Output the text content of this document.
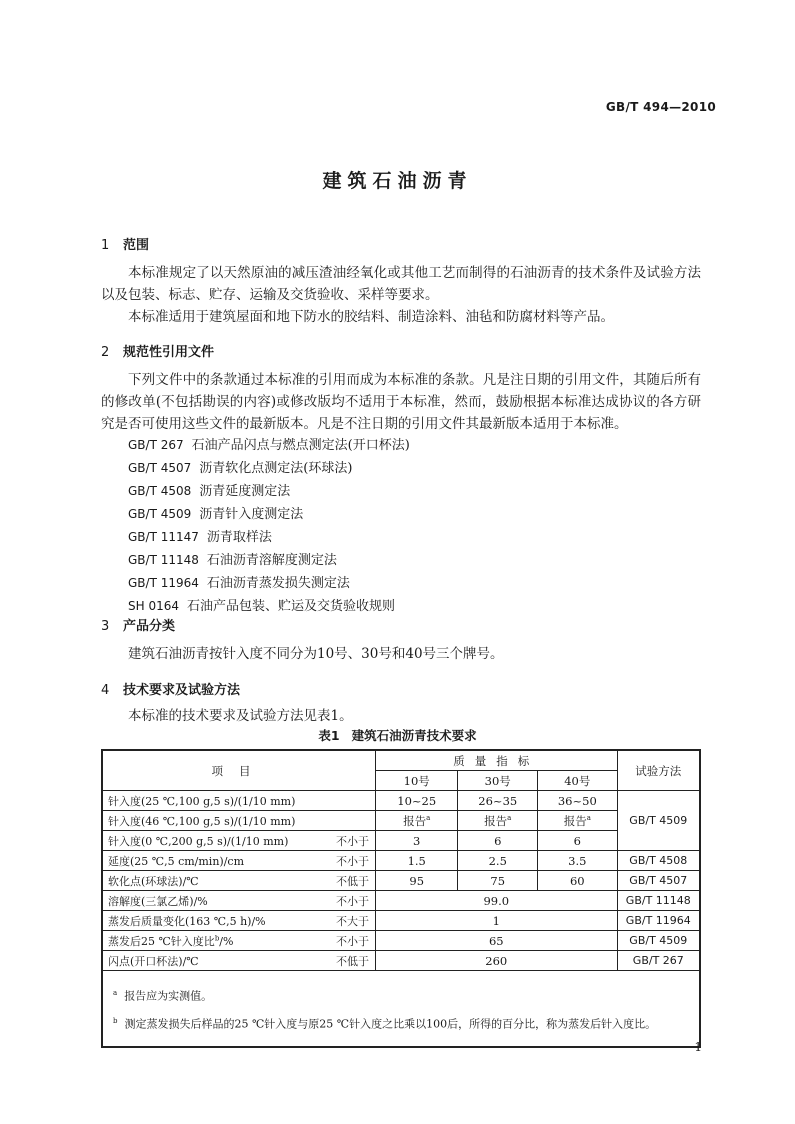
GB/T 494—2010
建筑石油沥青
1 范围
本标准规定了以天然原油的减压渣油经氧化或其他工艺而制得的石油沥青的技术条件及试验方法以及包装、标志、贮存、运输及交货验收、采样等要求。
本标准适用于建筑屋面和地下防水的胶结料、制造涂料、油毡和防腐材料等产品。
2 规范性引用文件
下列文件中的条款通过本标准的引用而成为本标准的条款。凡是注日期的引用文件，其随后所有的修改单(不包括勘误的内容)或修改版均不适用于本标准，然而，鼓励根据本标准达成协议的各方研究是否可使用这些文件的最新版本。凡是不注日期的引用文件其最新版本适用于本标准。
GB/T 267 石油产品闪点与燃点测定法(开口杯法)
GB/T 4507 沥青软化点测定法(环球法)
GB/T 4508 沥青延度测定法
GB/T 4509 沥青针入度测定法
GB/T 11147 沥青取样法
GB/T 11148 石油沥青溶解度测定法
GB/T 11964 石油沥青蒸发损失测定法
SH 0164 石油产品包装、贮运及交货验收规则
3 产品分类
建筑石油沥青按针入度不同分为10号、30号和40号三个牌号。
4 技术要求及试验方法
本标准的技术要求及试验方法见表1。
表1 建筑石油沥青技术要求
项目		质量指标			试验方法
		10号	30号	40号	
针入度(25 ℃,100 g,5 s)/(1/10 mm)		10~25	26~35	36~50	GB/T 4509
针入度(46 ℃,100 g,5 s)/(1/10 mm)		报告$^a$	报告$^a$	报告$^a$
针入度(0 ℃,200 g,5 s)/(1/10 mm)	不小于	3	6	6	
延度(25 ℃,5 cm/min)/cm	不小于	1.5	2.5	3.5	GB/T 4508
软化点(环球法)/℃	不低于	95	75	60	GB/T 4507
溶解度(三氯乙烯)/%	不小于	99.0			GB/T 11148
蒸发后质量变化(163 ℃,5 h)/%	不大于	1			GB/T 11964
蒸发后25 ℃针入度比$^b$/%	不小于	65			GB/T 4509
闪点(开口杯法)/℃	不低于	260			GB/T 267

$^a$ 报告应为实测值。
$^b$ 测定蒸发损失后样品的25 ℃针入度与原25 ℃针入度之比乘以100后，所得的百分比，称为蒸发后针入度比。					
1
